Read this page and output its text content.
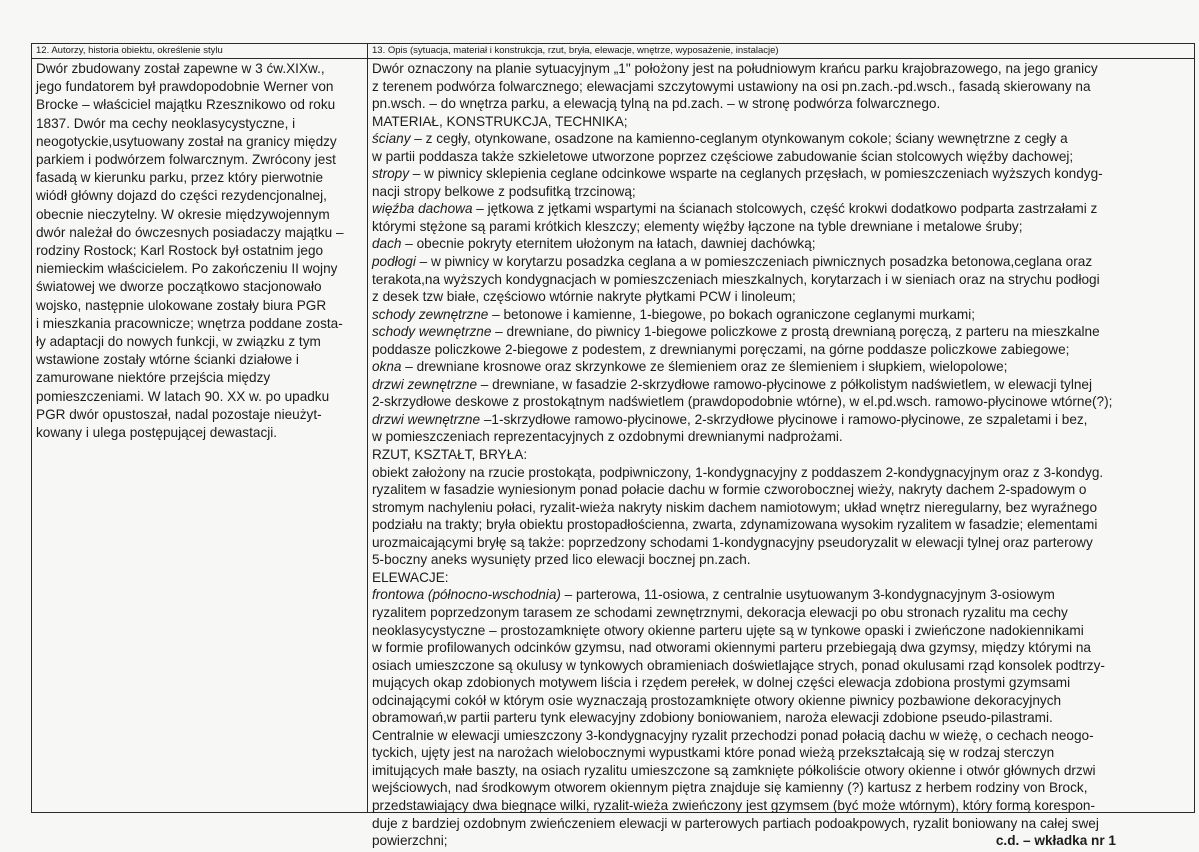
12. Autorzy, historia obiektu, określenie stylu
Dwór zbudowany został zapewne w 3 ćw.XIXw.,
jego fundatorem był prawdopodobnie Werner von
Brocke – właściciel majątku Rzesznikowo od roku
1837. Dwór ma cechy neoklasycystyczne, i
neogotyckie,usytuowany został na granicy między
parkiem i podwórzem folwarcznym. Zwrócony jest
fasadą w kierunku parku, przez który pierwotnie
wiódł główny dojazd do części rezydencjonalnej,
obecnie nieczytelny. W okresie międzywojennym
dwór należał do ówczesnych posiadaczy majątku –
rodziny Rostock; Karl Rostock był ostatnim jego
niemieckim właścicielem. Po zakończeniu II wojny
światowej we dworze początkowo stacjonowało
wojsko, następnie ulokowane zostały biura PGR
i mieszkania pracownicze; wnętrza poddane zosta-
ły adaptacji do nowych funkcji, w związku z tym
wstawione zostały wtórne ścianki działowe i
zamurowane niektóre przejścia między
pomieszczeniami. W latach 90. XX w. po upadku
PGR dwór opustoszał, nadal pozostaje nieużyt-
kowany i ulega postępującej dewastacji.
13. Opis (sytuacja, materiał i konstrukcja, rzut, bryła, elewacje, wnętrze, wyposażenie, instalacje)
Dwór oznaczony na planie sytuacyjnym „1" położony jest na południowym krańcu parku krajobrazowego, na jego granicy
z terenem podwórza folwarcznego; elewacjami szczytowymi ustawiony na osi pn.zach.-pd.wsch., fasadą skierowany na
pn.wsch. – do wnętrza parku, a elewacją tylną na pd.zach. – w stronę podwórza folwarcznego.
MATERIAŁ, KONSTRUKCJA, TECHNIKA;
ściany – z cegły, otynkowane, osadzone na kamienno-ceglanym otynkowanym cokole; ściany wewnętrzne z cegły a
w partii poddasza także szkieletowe utworzone poprzez częściowe zabudowanie ścian stolcowych więźby dachowej;
stropy – w piwnicy sklepienia ceglane odcinkowe wsparte na ceglanych przęsłach, w pomieszczeniach wyższych kondyg-
nacji stropy belkowe z podsufitką trzcinową;
więźba dachowa – jętkowa z jętkami wspartymi na ścianach stolcowych, część krokwi dodatkowo podparta zastrzałami z
którymi stężone są parami krótkich kleszczy; elementy więźby łączone na tyble drewniane i metalowe śruby;
dach – obecnie pokryty eternitem ułożonym na łatach, dawniej dachówką;
podłogi – w piwnicy w korytarzu posadzka ceglana a w pomieszczeniach piwnicznych posadzka betonowa,ceglana oraz
terakota,na wyższych kondygnacjach w pomieszczeniach mieszkalnych, korytarzach i w sieniach oraz na strychu podłogi
z desek tzw białe, częściowo wtórnie nakryte płytkami PCW i linoleum;
schody zewnętrzne – betonowe i kamienne, 1-biegowe, po bokach ograniczone ceglanymi murkami;
schody wewnętrzne – drewniane, do piwnicy 1-biegowe policzkowe z prostą drewnianą poręczą, z parteru na mieszkalne
poddasze policzkowe 2-biegowe z podestem, z drewnianymi poręczami, na górne poddasze policzkowe zabiegowe;
okna – drewniane krosnowe oraz skrzynkowe ze ślemieniem oraz ze ślemieniem i słupkiem, wielopolowe;
drzwi zewnętrzne – drewniane, w fasadzie 2-skrzydłowe ramowo-płycinowe z półkolistym nadświetlem, w elewacji tylnej
2-skrzydłowe deskowe z prostokątnym nadświetlem (prawdopodobnie wtórne), w el.pd.wsch. ramowo-płycinowe wtórne(?);
drzwi wewnętrzne –1-skrzydłowe ramowo-płycinowe, 2-skrzydłowe płycinowe i ramowo-płycinowe, ze szpaletami i bez,
w pomieszczeniach reprezentacyjnych z ozdobnymi drewnianymi nadprożami.
RZUT, KSZTAŁT, BRYŁA:
obiekt założony na rzucie prostokąta, podpiwniczony, 1-kondygnacyjny z poddaszem 2-kondygnacyjnym oraz z 3-kondyg.
ryzalitem w fasadzie wyniesionym ponad połacie dachu w formie czworobocznej wieży, nakryty dachem 2-spadowym o
stromym nachyleniu połaci, ryzalit-wieża nakryty niskim dachem namiotowym; układ wnętrz nieregularny, bez wyraźnego
podziału na trakty; bryła obiektu prostopadłościenna, zwarta, zdynamizowana wysokim ryzalitem w fasadzie; elementami
urozmaicającymi bryłę są także: poprzedzony schodami 1-kondygnacyjny pseudoryzalit w elewacji tylnej oraz parterowy
5-boczny aneks wysunięty przed lico elewacji bocznej pn.zach.
ELEWACJE:
frontowa (północno-wschodnia) – parterowa, 11-osiowa, z centralnie usytuowanym 3-kondygnacyjnym 3-osiowym
ryzalitem poprzedzonym tarasem ze schodami zewnętrznymi, dekoracja elewacji po obu stronach ryzalitu ma cechy
neoklasycystyczne – prostozamknięte otwory okienne parteru ujęte są w tynkowe opaski i zwieńczone nadokiennikami
w formie profilowanych odcinków gzymsu, nad otworami okiennymi parteru przebiegają dwa gzymsy, między którymi na
osiach umieszczone są okulusy w tynkowych obramieniach doświetlające strych, ponad okulusami rząd konsolek podtrzy-
mujących okap zdobionych motywem liścia i rzędem perełek, w dolnej części elewacja zdobiona prostymi gzymsami
odcinającymi cokół w którym osie wyznaczają prostozamknięte otwory okienne piwnicy pozbawione dekoracyjnych
obramowań,w partii parteru tynk elewacyjny zdobiony boniowaniem, naroża elewacji zdobione pseudo-pilastrami.
Centralnie w elewacji umieszczony 3-kondygnacyjny ryzalit przechodzi ponad połacią dachu w wieżę, o cechach neogo-
tyckich, ujęty jest na narożach wielobocznymi wypustkami które ponad wieżą przekształcają się w rodzaj sterczyn
imitujących małe baszty, na osiach ryzalitu umieszczone są zamknięte półkoliście otwory okienne i otwór głównych drzwi
wejściowych, nad środkowym otworem okiennym piętra znajduje się kamienny (?) kartusz z herbem rodziny von Brock,
przedstawiający dwa biegnące wilki, ryzalit-wieża zwieńczony jest gzymsem (być może wtórnym), który formą korespon-
duje z bardziej ozdobnym zwieńczeniem elewacji w parterowych partiach podoakpowych, ryzalit boniowany na całej swej
powierzchni;	c.d. – wkładka nr 1
